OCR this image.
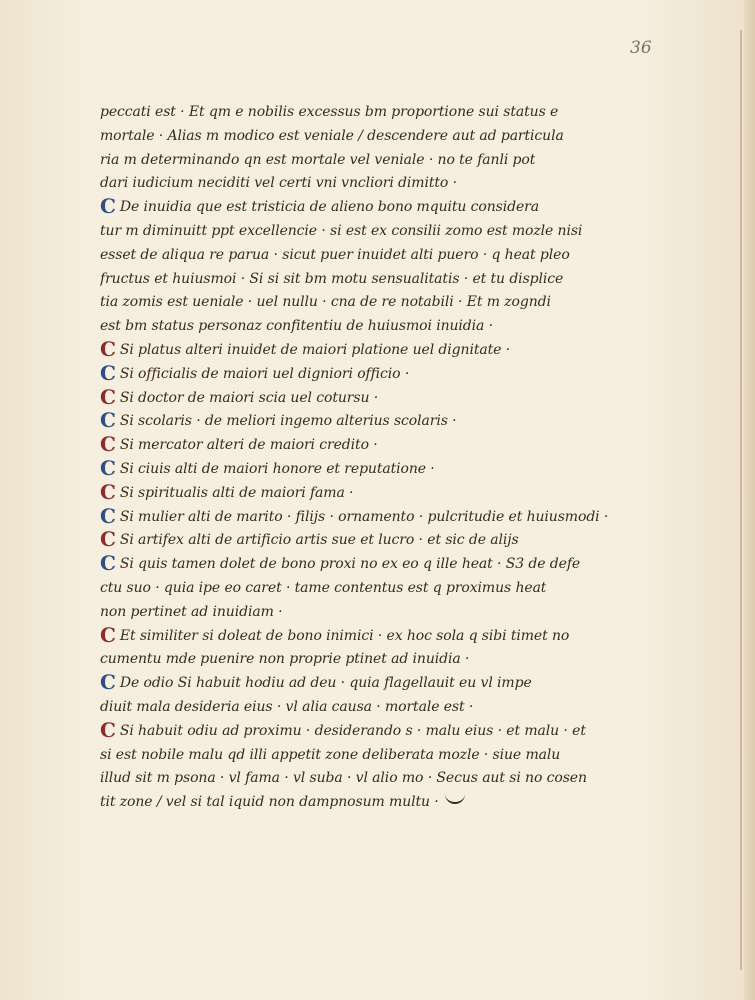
36
peccati est · Et qm e nobilis excessus bm proportione sui status e
mortale · Alias m modico est veniale / descendere aut ad particula
ria m determinando qn est mortale vel veniale · no te fanli pot
dari iudicium neciditi vel certi vni vncliori dimitto ·
C De inuidia que est tristicia de alieno bono mquitu considera
tur m diminuitt ppt excellencie · si est ex consilii zomo est mozle nisi
esset de aliqua re parua · sicut puer inuidet alti puero · q heat pleo
fructus et huiusmoi · Si si sit bm motu sensualitatis · et tu displice
tia zomis est ueniale · uel nullu · cna de re notabili · Et m zogndi
est bm status personaz confitentiu de huiusmoi inuidia ·
C Si platus alteri inuidet de maiori platione uel dignitate ·
C Si officialis de maiori uel digniori officio ·
C Si doctor de maiori scia uel cotursu ·
C Si scolaris · de meliori ingemo alterius scolaris ·
C Si mercator alteri de maiori credito ·
C Si ciuis alti de maiori honore et reputatione ·
C Si spiritualis alti de maiori fama ·
C Si mulier alti de marito · filijs · ornamento · pulcritudie et huiusmodi ·
C Si artifex alti de artificio artis sue et lucro · et sic de alijs
C Si quis tamen dolet de bono proxi no ex eo q ille heat · S3 de defe
ctu suo · quia ipe eo caret · tame contentus est q proximus heat
non pertinet ad inuidiam ·
C Et similiter si doleat de bono inimici · ex hoc sola q sibi timet no
cumentu mde puenire non proprie ptinet ad inuidia ·
C De odio Si habuit hodiu ad deu · quia flagellauit eu vl impe
diuit mala desideria eius · vl alia causa · mortale est ·
C Si habuit odiu ad proximu · desiderando s · malu eius · et malu · et
si est nobile malu qd illi appetit zone deliberata mozle · siue malu
illud sit m psona · vl fama · vl suba · vl alio mo · Secus aut si no cosen
tit zone / vel si tal iquid non dampnosum multu ·
